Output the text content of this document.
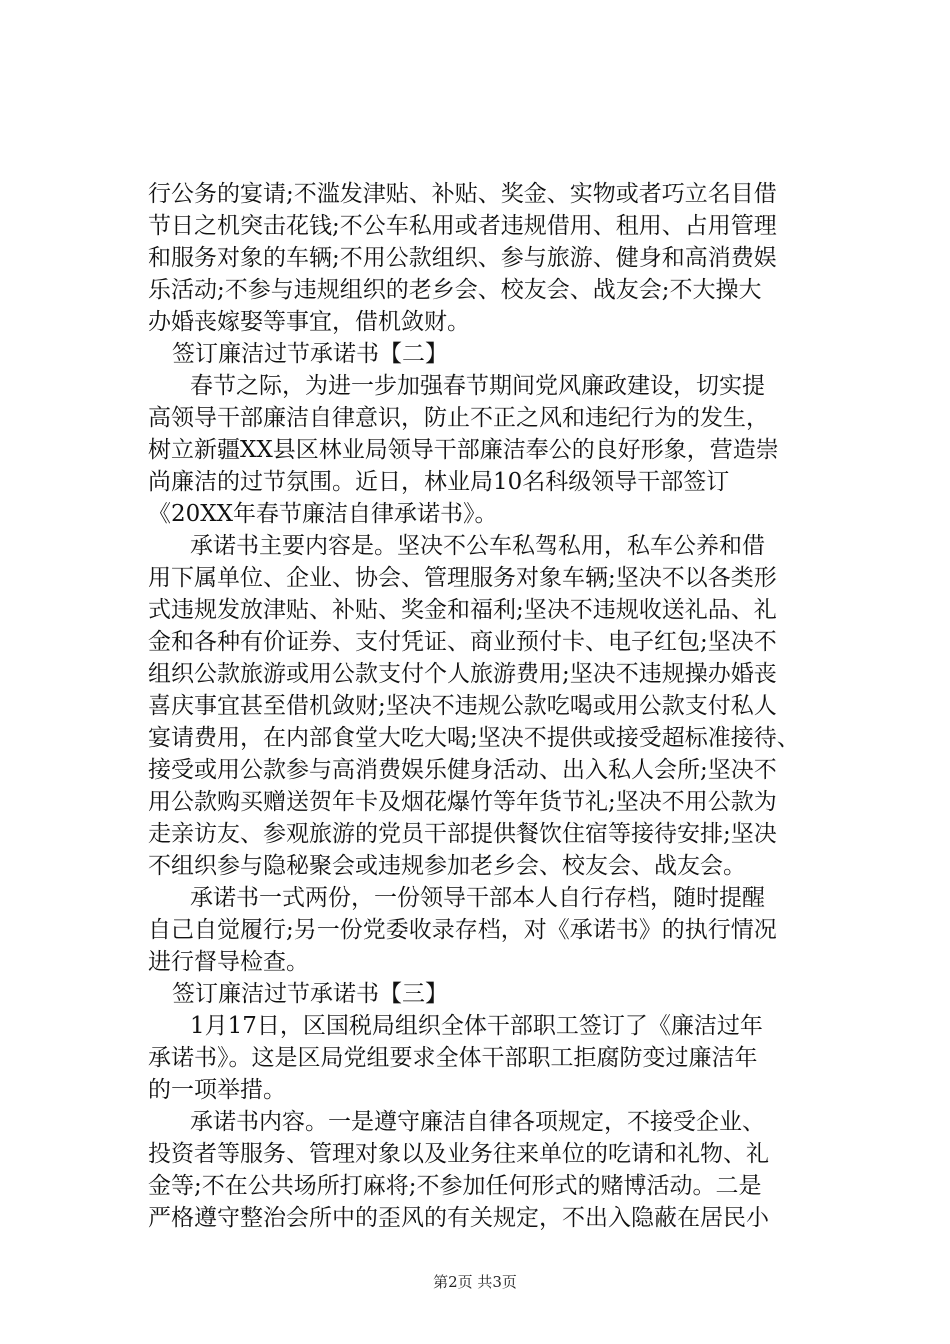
行公务的宴请;不滥发津贴、补贴、奖金、实物或者巧立名目借
节日之机突击花钱;不公车私用或者违规借用、租用、占用管理
和服务对象的车辆;不用公款组织、参与旅游、健身和高消费娱
乐活动;不参与违规组织的老乡会、校友会、战友会;不大操大
办婚丧嫁娶等事宜，借机敛财。
签订廉洁过节承诺书【二】
春节之际，为进一步加强春节期间党风廉政建设，切实提
高领导干部廉洁自律意识，防止不正之风和违纪行为的发生，
树立新疆XX县区林业局领导干部廉洁奉公的良好形象，营造崇
尚廉洁的过节氛围。近日，林业局10名科级领导干部签订
《20XX年春节廉洁自律承诺书》。
承诺书主要内容是。坚决不公车私驾私用，私车公养和借
用下属单位、企业、协会、管理服务对象车辆;坚决不以各类形
式违规发放津贴、补贴、奖金和福利;坚决不违规收送礼品、礼
金和各种有价证券、支付凭证、商业预付卡、电子红包;坚决不
组织公款旅游或用公款支付个人旅游费用;坚决不违规操办婚丧
喜庆事宜甚至借机敛财;坚决不违规公款吃喝或用公款支付私人
宴请费用，在内部食堂大吃大喝;坚决不提供或接受超标准接待、
接受或用公款参与高消费娱乐健身活动、出入私人会所;坚决不
用公款购买赠送贺年卡及烟花爆竹等年货节礼;坚决不用公款为
走亲访友、参观旅游的党员干部提供餐饮住宿等接待安排;坚决
不组织参与隐秘聚会或违规参加老乡会、校友会、战友会。
承诺书一式两份，一份领导干部本人自行存档，随时提醒
自己自觉履行;另一份党委收录存档，对《承诺书》的执行情况
进行督导检查。
签订廉洁过节承诺书【三】
1月17日，区国税局组织全体干部职工签订了《廉洁过年
承诺书》。这是区局党组要求全体干部职工拒腐防变过廉洁年
的一项举措。
承诺书内容。一是遵守廉洁自律各项规定，不接受企业、
投资者等服务、管理对象以及业务往来单位的吃请和礼物、礼
金等;不在公共场所打麻将;不参加任何形式的赌博活动。二是
严格遵守整治会所中的歪风的有关规定，不出入隐蔽在居民小
第2页 共3页
